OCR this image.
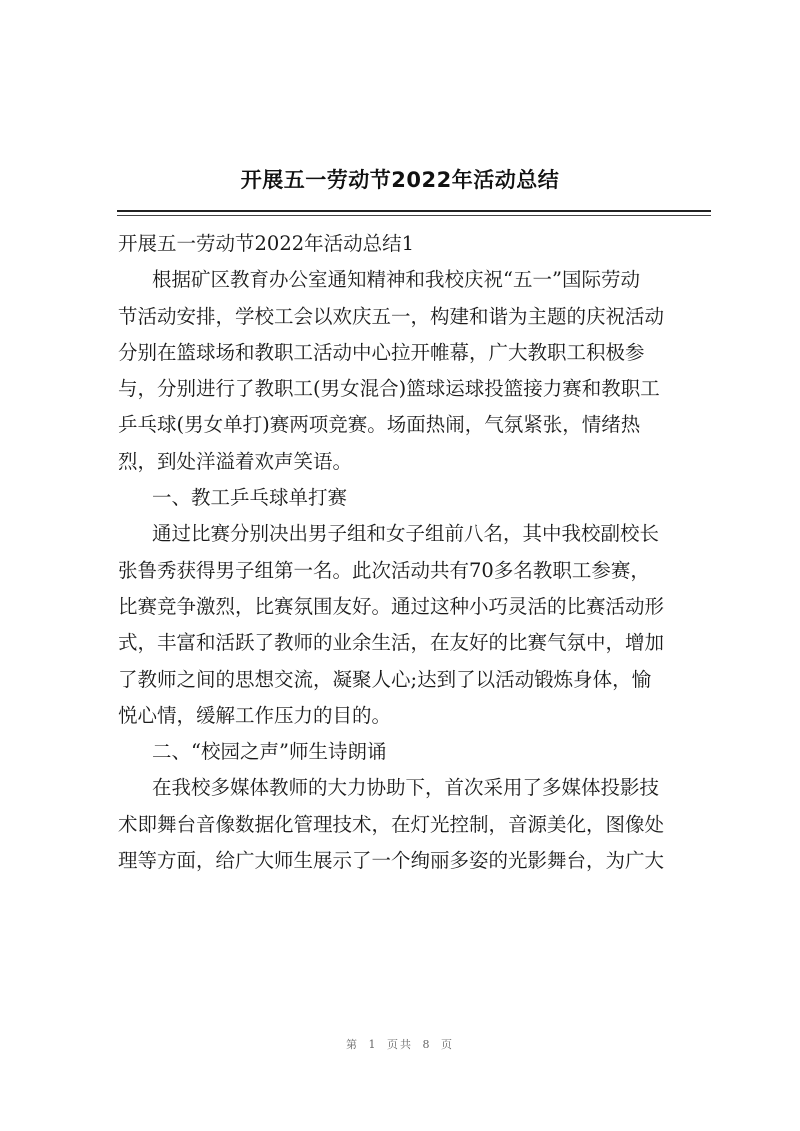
开展五一劳动节2022年活动总结

开展五一劳动节2022年活动总结1

根据矿区教育办公室通知精神和我校庆祝“五一”国际劳动

节活动安排，学校工会以欢庆五一，构建和谐为主题的庆祝活动

分别在篮球场和教职工活动中心拉开帷幕，广大教职工积极参

与，分别进行了教职工(男女混合)篮球运球投篮接力赛和教职工

乒乓球(男女单打)赛两项竞赛。场面热闹，气氛紧张，情绪热

烈，到处洋溢着欢声笑语。

一、教工乒乓球单打赛

通过比赛分别决出男子组和女子组前八名，其中我校副校长

张鲁秀获得男子组第一名。此次活动共有70多名教职工参赛，

比赛竞争激烈，比赛氛围友好。通过这种小巧灵活的比赛活动形

式，丰富和活跃了教师的业余生活，在友好的比赛气氛中，增加

了教师之间的思想交流，凝聚人心;达到了以活动锻炼身体，愉

悦心情，缓解工作压力的目的。

二、“校园之声”师生诗朗诵

在我校多媒体教师的大力协助下，首次采用了多媒体投影技

术即舞台音像数据化管理技术，在灯光控制，音源美化，图像处

理等方面，给广大师生展示了一个绚丽多姿的光影舞台，为广大

第 1 页共 8 页
